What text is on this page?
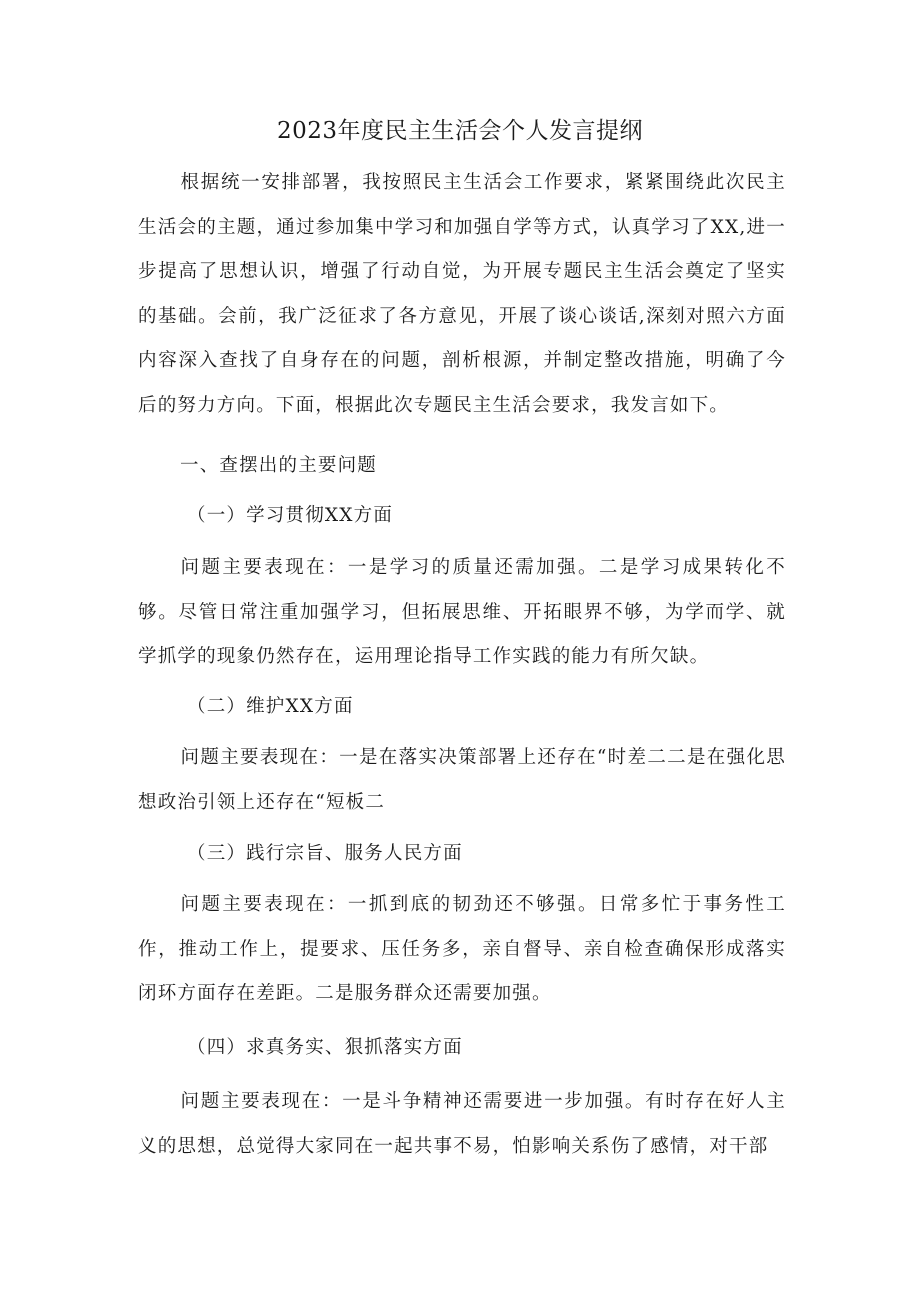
2023年度民主生活会个人发言提纲

根据统一安排部署，我按照民主生活会工作要求，紧紧围绕此次民主生活会的主题，通过参加集中学习和加强自学等方式，认真学习了XX,进一步提高了思想认识，增强了行动自觉，为开展专题民主生活会奠定了坚实的基础。会前，我广泛征求了各方意见，开展了谈心谈话,深刻对照六方面内容深入查找了自身存在的问题，剖析根源，并制定整改措施，明确了今后的努力方向。下面，根据此次专题民主生活会要求，我发言如下。

一、查摆出的主要问题

（一）学习贯彻XX方面

问题主要表现在：一是学习的质量还需加强。二是学习成果转化不够。尽管日常注重加强学习，但拓展思维、开拓眼界不够，为学而学、就学抓学的现象仍然存在，运用理论指导工作实践的能力有所欠缺。

（二）维护XX方面

问题主要表现在：一是在落实决策部署上还存在“时差二二是在强化思想政治引领上还存在“短板二

（三）践行宗旨、服务人民方面

问题主要表现在：一抓到底的韧劲还不够强。日常多忙于事务性工作，推动工作上，提要求、压任务多，亲自督导、亲自检查确保形成落实闭环方面存在差距。二是服务群众还需要加强。

（四）求真务实、狠抓落实方面

问题主要表现在：一是斗争精神还需要进一步加强。有时存在好人主义的思想，总觉得大家同在一起共事不易，怕影响关系伤了感情，对干部
